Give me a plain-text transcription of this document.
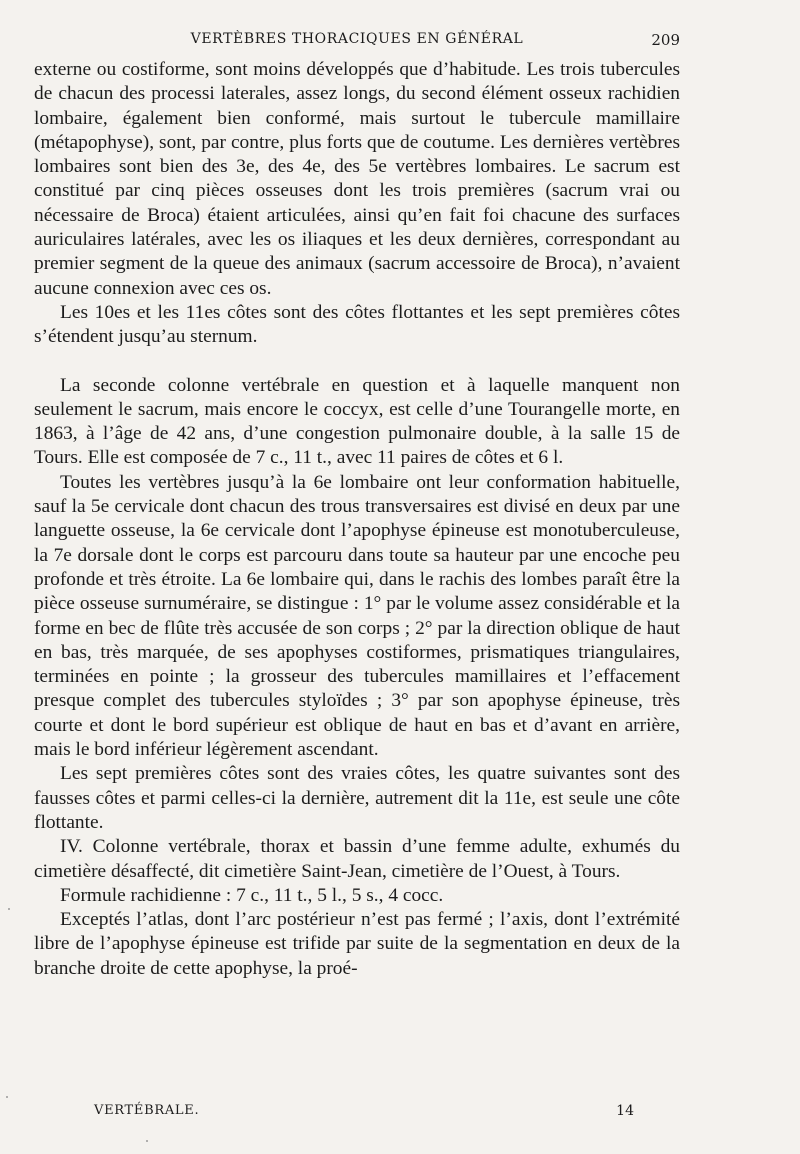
VERTÈBRES THORACIQUES EN GÉNÉRAL	209

externe ou costiforme, sont moins développés que d’habitude. Les trois tubercules de chacun des processi laterales, assez longs, du second élément osseux rachidien lombaire, également bien conformé, mais surtout le tubercule mamillaire (métapophyse), sont, par contre, plus forts que de coutume. Les dernières vertèbres lombaires sont bien des 3e, des 4e, des 5e vertèbres lombaires. Le sacrum est constitué par cinq pièces osseuses dont les trois premières (sacrum vrai ou nécessaire de Broca) étaient articulées, ainsi qu’en fait foi chacune des surfaces auriculaires latérales, avec les os iliaques et les deux dernières, correspondant au premier segment de la queue des animaux (sacrum accessoire de Broca), n’avaient aucune connexion avec ces os.

Les 10es et les 11es côtes sont des côtes flottantes et les sept premières côtes s’étendent jusqu’au sternum.

La seconde colonne vertébrale en question et à laquelle manquent non seulement le sacrum, mais encore le coccyx, est celle d’une Tourangelle morte, en 1863, à l’âge de 42 ans, d’une congestion pulmonaire double, à la salle 15 de Tours. Elle est composée de 7 c., 11 t., avec 11 paires de côtes et 6 l.

Toutes les vertèbres jusqu’à la 6e lombaire ont leur conformation habituelle, sauf la 5e cervicale dont chacun des trous transversaires est divisé en deux par une languette osseuse, la 6e cervicale dont l’apophyse épineuse est monotuberculeuse, la 7e dorsale dont le corps est parcouru dans toute sa hauteur par une encoche peu profonde et très étroite. La 6e lombaire qui, dans le rachis des lombes paraît être la pièce osseuse surnuméraire, se distingue : 1° par le volume assez considérable et la forme en bec de flûte très accusée de son corps ; 2° par la direction oblique de haut en bas, très marquée, de ses apophyses costiformes, prismatiques triangulaires, terminées en pointe ; la grosseur des tubercules mamillaires et l’effacement presque complet des tubercules styloïdes ; 3° par son apophyse épineuse, très courte et dont le bord supérieur est oblique de haut en bas et d’avant en arrière, mais le bord inférieur légèrement ascendant.

Les sept premières côtes sont des vraies côtes, les quatre suivantes sont des fausses côtes et parmi celles-ci la dernière, autrement dit la 11e, est seule une côte flottante.

IV. Colonne vertébrale, thorax et bassin d’une femme adulte, exhumés du cimetière désaffecté, dit cimetière Saint-Jean, cimetière de l’Ouest, à Tours.

Formule rachidienne : 7 c., 11 t., 5 l., 5 s., 4 cocc.

Exceptés l’atlas, dont l’arc postérieur n’est pas fermé ; l’axis, dont l’extrémité libre de l’apophyse épineuse est trifide par suite de la segmentation en deux de la branche droite de cette apophyse, la proé-

VERTÉBRALE.	14
